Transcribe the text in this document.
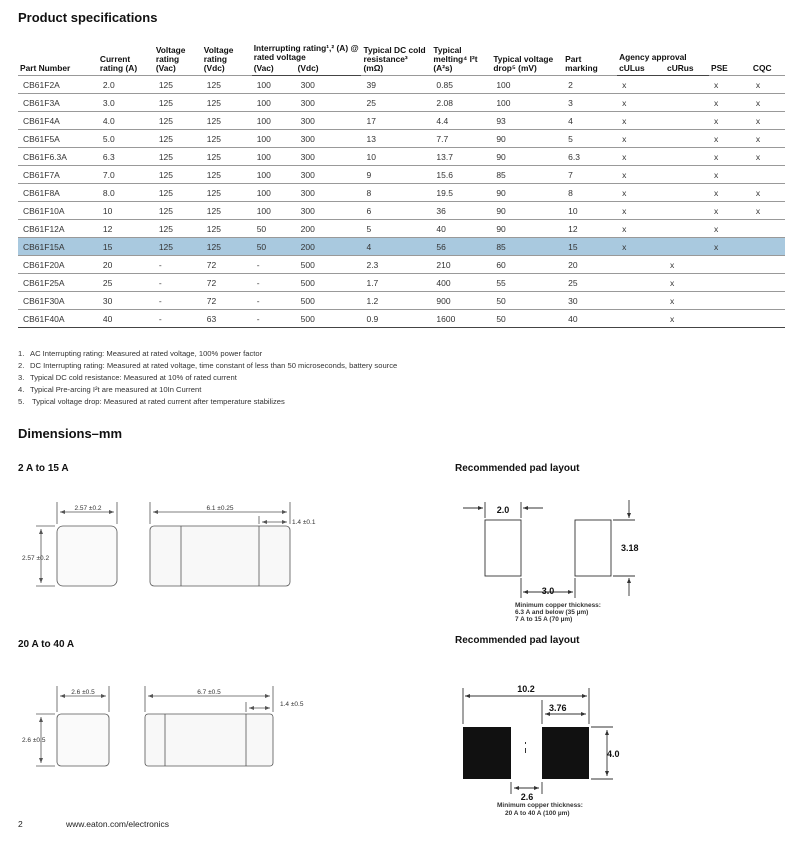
Product specifications
Part Number	Current rating (A)	Voltage rating (Vac)	Voltage rating (Vdc)	Interrupting rating¹,² (A) @ rated voltage		Typical DC cold resistance³ (mΩ)	Typical melting⁴ I²t (A²s)	Typical voltage drop⁵ (mV)	Part marking	Agency approval		PSE	CQC
				(Vac)	(Vdc)					cULus	cURus		
CB61F2A	2.0	125	125	100	300	39	0.85	100	2	x		x	x
CB61F3A	3.0	125	125	100	300	25	2.08	100	3	x		x	x
CB61F4A	4.0	125	125	100	300	17	4.4	93	4	x		x	x
CB61F5A	5.0	125	125	100	300	13	7.7	90	5	x		x	x
CB61F6.3A	6.3	125	125	100	300	10	13.7	90	6.3	x		x	x
CB61F7A	7.0	125	125	100	300	9	15.6	85	7	x		x	
CB61F8A	8.0	125	125	100	300	8	19.5	90	8	x		x	x
CB61F10A	10	125	125	100	300	6	36	90	10	x		x	x
CB61F12A	12	125	125	50	200	5	40	90	12	x		x	
CB61F15A	15	125	125	50	200	4	56	85	15	x		x	
CB61F20A	20	-	72	-	500	2.3	210	60	20		x		
CB61F25A	25	-	72	-	500	1.7	400	55	25		x		
CB61F30A	30	-	72	-	500	1.2	900	50	30		x		
CB61F40A	40	-	63	-	500	0.9	1600	50	40		x		
1. AC Interrupting rating: Measured at rated voltage, 100% power factor
2. DC Interrupting rating: Measured at rated voltage, time constant of less than 50 microseconds, battery source
3. Typical DC cold resistance: Measured at 10% of rated current
4. Typical Pre-arcing I²t are measured at 10In Current
5. Typical voltage drop: Measured at rated current after temperature stabilizes
Dimensions–mm
2 A to 15 A	Recommended pad layout
20 A to 40 A	Recommended pad layout
2.57 ±0.2
2.57 ±0.2
6.1 ±0.25
1.4 ±0.1
2.6 ±0.5
2.6 ±0.5
6.7 ±0.5
1.4 ±0.5
2.0
3.18
3.0
Minimum copper thickness:
6.3 A and below (35 µm)
7 A to 15 A (70 µm)
10.2
3.76
4.0
2.6
Minimum copper thickness:
20 A to 40 A (100 µm)
2	www.eaton.com/electronics
